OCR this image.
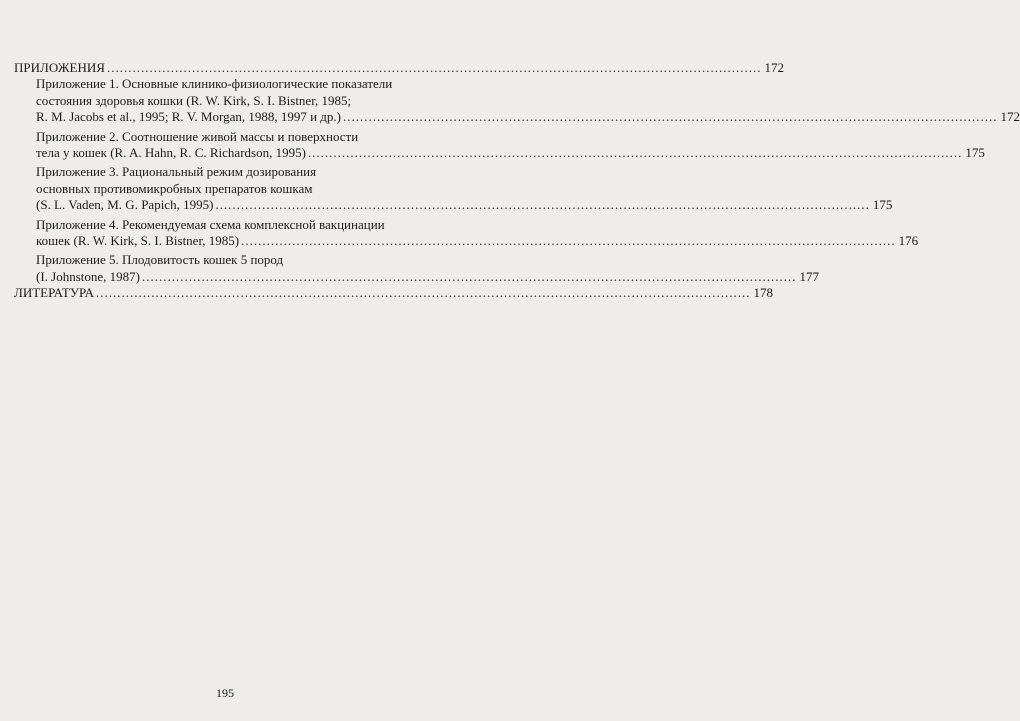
ПРИЛОЖЕНИЯ .......................................................................................................................................................... 172
Приложение 1. Основные клинико-физиологические показатели
состояния здоровья кошки (R. W. Kirk, S. I. Bistner, 1985;
R. M. Jacobs et al., 1995; R. V. Morgan, 1988, 1997 и др.) .......................................................................................................................................................... 172
Приложение 2. Соотношение живой массы и поверхности
тела у кошек (R. A. Hahn, R. C. Richardson, 1995) .......................................................................................................................................................... 175
Приложение 3. Рациональный режим дозирования
основных противомикробных препаратов кошкам
(S. L. Vaden, M. G. Papich, 1995) .......................................................................................................................................................... 175
Приложение 4. Рекомендуемая схема комплексной вакцинации
кошек (R. W. Kirk, S. I. Bistner, 1985) .......................................................................................................................................................... 176
Приложение 5. Плодовитость кошек 5 пород
(I. Johnstone, 1987) .......................................................................................................................................................... 177
ЛИТЕРАТУРА .......................................................................................................................................................... 178
195
